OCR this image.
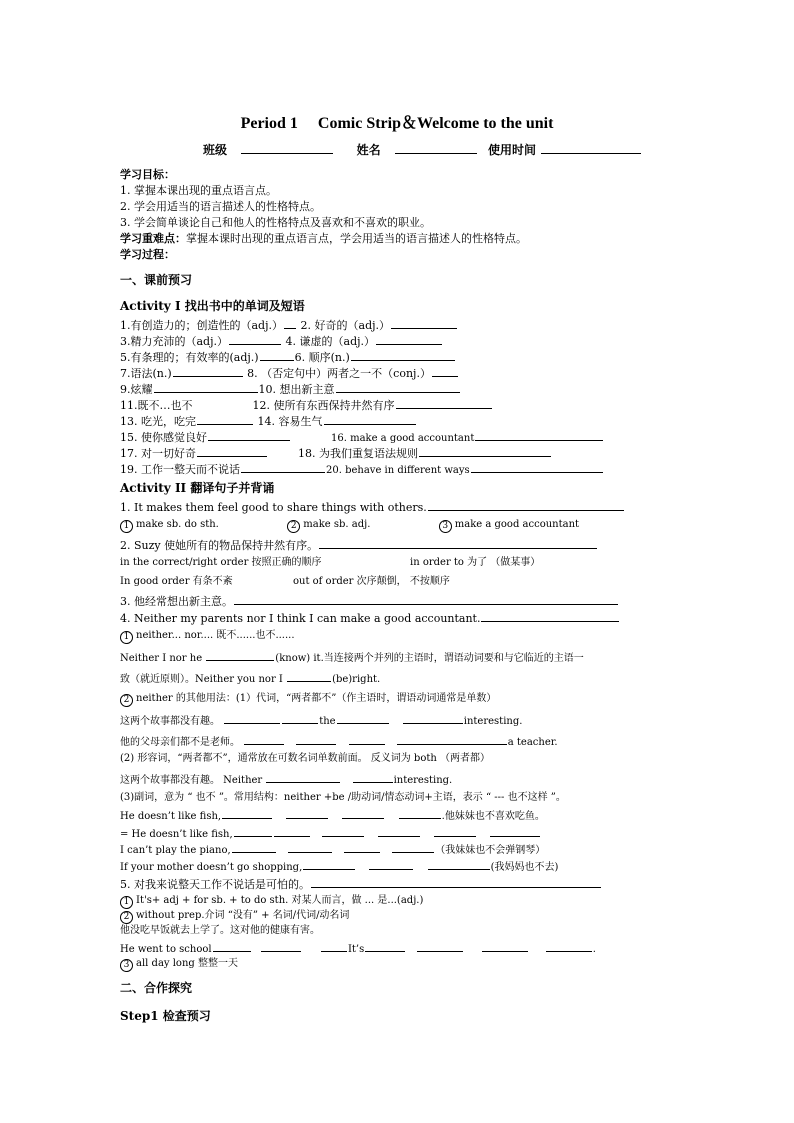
Period 1 Comic Strip＆Welcome to the unit
班级	姓名	使用时间
学习目标：
1. 掌握本课出现的重点语言点。
2. 学会用适当的语言描述人的性格特点。
3. 学会简单谈论自己和他人的性格特点及喜欢和不喜欢的职业。
学习重难点：掌握本课时出现的重点语言点，学会用适当的语言描述人的性格特点。
学习过程：
一、课前预习
Activity I 找出书中的单词及短语
1.有创造力的；创造性的（adj.） 2. 好奇的（adj.）
3.精力充沛的（adj.）	4. 谦虚的（adj.）
5.有条理的；有效率的(adj.)	6. 顺序(n.)
7.语法(n.)	8. （否定句中）两者之一不（conj.）
9.炫耀	10. 想出新主意
11.既不…也不	12. 使所有东西保持井然有序
13. 吃光，吃完	14. 容易生气
15. 使你感觉良好	16. make a good accountant
17. 对一切好奇	18. 为我们重复语法规则
19. 工作一整天而不说话	20. behave in different ways
Activity II 翻译句子并背诵
1. It makes them feel good to share things with others.
1 make sb. do sth.	2 make sb. adj.	3 make a good accountant
2. Suzy 使她所有的物品保持井然有序。
in the correct/right order 按照正确的顺序	in order to 为了 （做某事）
In good order 有条不紊	out of order 次序颠倒， 不按顺序
3. 他经常想出新主意。
4. Neither my parents nor I think I can make a good accountant.
1 neither... nor.... 既不......也不......
Neither I nor he	(know) it.当连接两个并列的主语时，谓语动词要和与它临近的主语一
致（就近原则）。Neither you nor I	(be)right.
2 neither 的其他用法：(1）代词，“两者都不”（作主语时，谓语动词通常是单数）
这两个故事都没有趣。	the	interesting.
他的父母亲们都不是老师。	a teacher.
(2) 形容词，“两者都不”，通常放在可数名词单数前面。 反义词为 both （两者都）
这两个故事都没有趣。 Neither	interesting.
(3)副词，意为 “ 也不 ”。常用结构：neither +be /助动词/情态动词+主语，表示 “ --- 也不这样 ”。
He doesn’t like fish,	.他妹妹也不喜欢吃鱼。
= He doesn’t like fish,
I can’t play the piano,	（我妹妹也不会弹钢琴）
If your mother doesn’t go shopping,	(我妈妈也不去)
5. 对我来说整天工作不说话是可怕的。
1 It's+ adj + for sb. + to do sth. 对某人而言，做 ... 是...(adj.)
2 without prep.介词 “没有” + 名词/代词/动名词
他没吃早饭就去上学了。这对他的健康有害。
He went to school	It’s	.
3 all day long 整整一天
二、合作探究
Step1 检查预习
